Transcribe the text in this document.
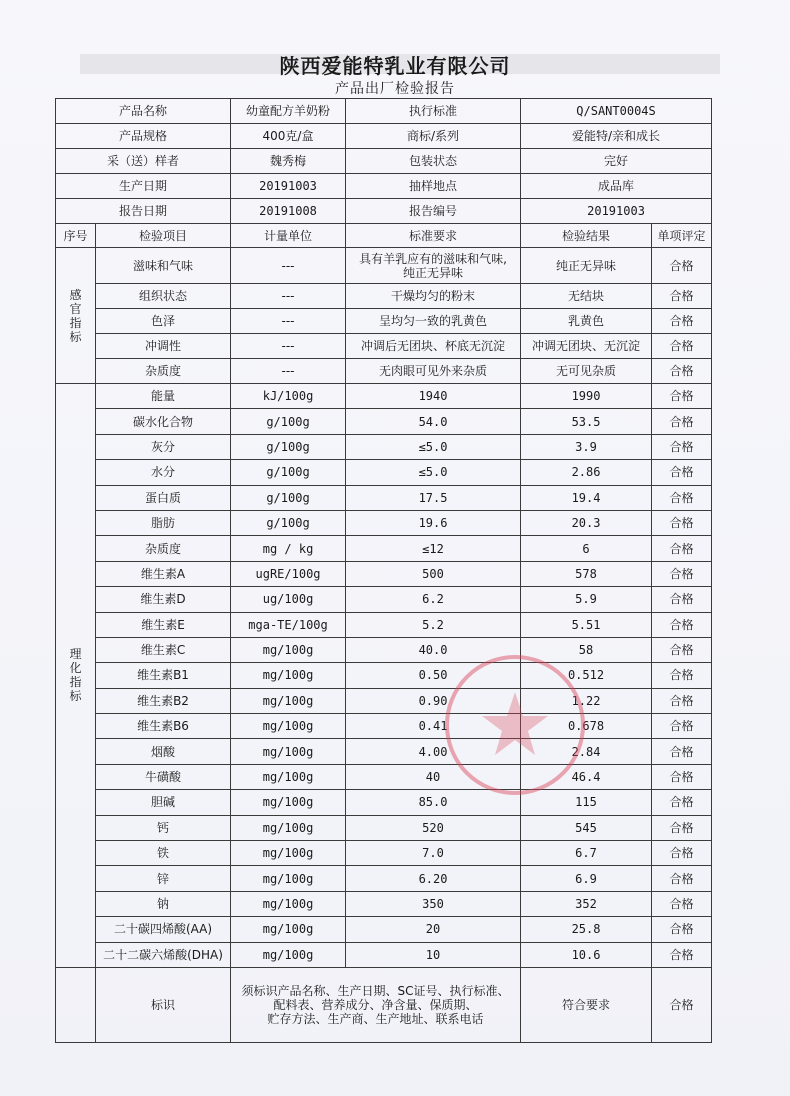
陕西爱能特乳业有限公司
产品出厂检验报告
产品名称		幼童配方羊奶粉	执行标准	Q/SANT0004S	
产品规格		400克/盒	商标/系列	爱能特/亲和成长	
采（送）样者		魏秀梅	包装状态	完好	
生产日期		20191003	抽样地点	成品库	
报告日期		20191008	报告编号	20191003	
序号	检验项目	计量单位	标准要求	检验结果	单项评定
感官指标	滋味和气味	---	具有羊乳应有的滋味和气味,
纯正无异味	纯正无异味	合格
	组织状态	---	干燥均匀的粉末	无结块	合格
	色泽	---	呈均匀一致的乳黄色	乳黄色	合格
	冲调性	---	冲调后无团块、杯底无沉淀	冲调无团块、无沉淀	合格
	杂质度	---	无肉眼可见外来杂质	无可见杂质	合格
理化指标	能量	kJ/100g	1940	1990	合格
	碳水化合物	g/100g	54.0	53.5	合格
	灰分	g/100g	≤5.0	3.9	合格
	水分	g/100g	≤5.0	2.86	合格
	蛋白质	g/100g	17.5	19.4	合格
	脂肪	g/100g	19.6	20.3	合格
	杂质度	mg / kg	≤12	6	合格
	维生素A	ugRE/100g	500	578	合格
	维生素D	ug/100g	6.2	5.9	合格
	维生素E	mga-TE/100g	5.2	5.51	合格
	维生素C	mg/100g	40.0	58	合格
	维生素B1	mg/100g	0.50	0.512	合格
	维生素B2	mg/100g	0.90	1.22	合格
	维生素B6	mg/100g	0.41	0.678	合格
	烟酸	mg/100g	4.00	2.84	合格
	牛磺酸	mg/100g	40	46.4	合格
	胆碱	mg/100g	85.0	115	合格
	钙	mg/100g	520	545	合格
	铁	mg/100g	7.0	6.7	合格
	锌	mg/100g	6.20	6.9	合格
	钠	mg/100g	350	352	合格
	二十碳四烯酸(AA)	mg/100g	20	25.8	合格
	二十二碳六烯酸(DHA)	mg/100g	10	10.6	合格
	标识	须标识产品名称、生产日期、SC证号、执行标准、
配料表、营养成分、净含量、保质期、
贮存方法、生产商、生产地址、联系电话		符合要求	合格
